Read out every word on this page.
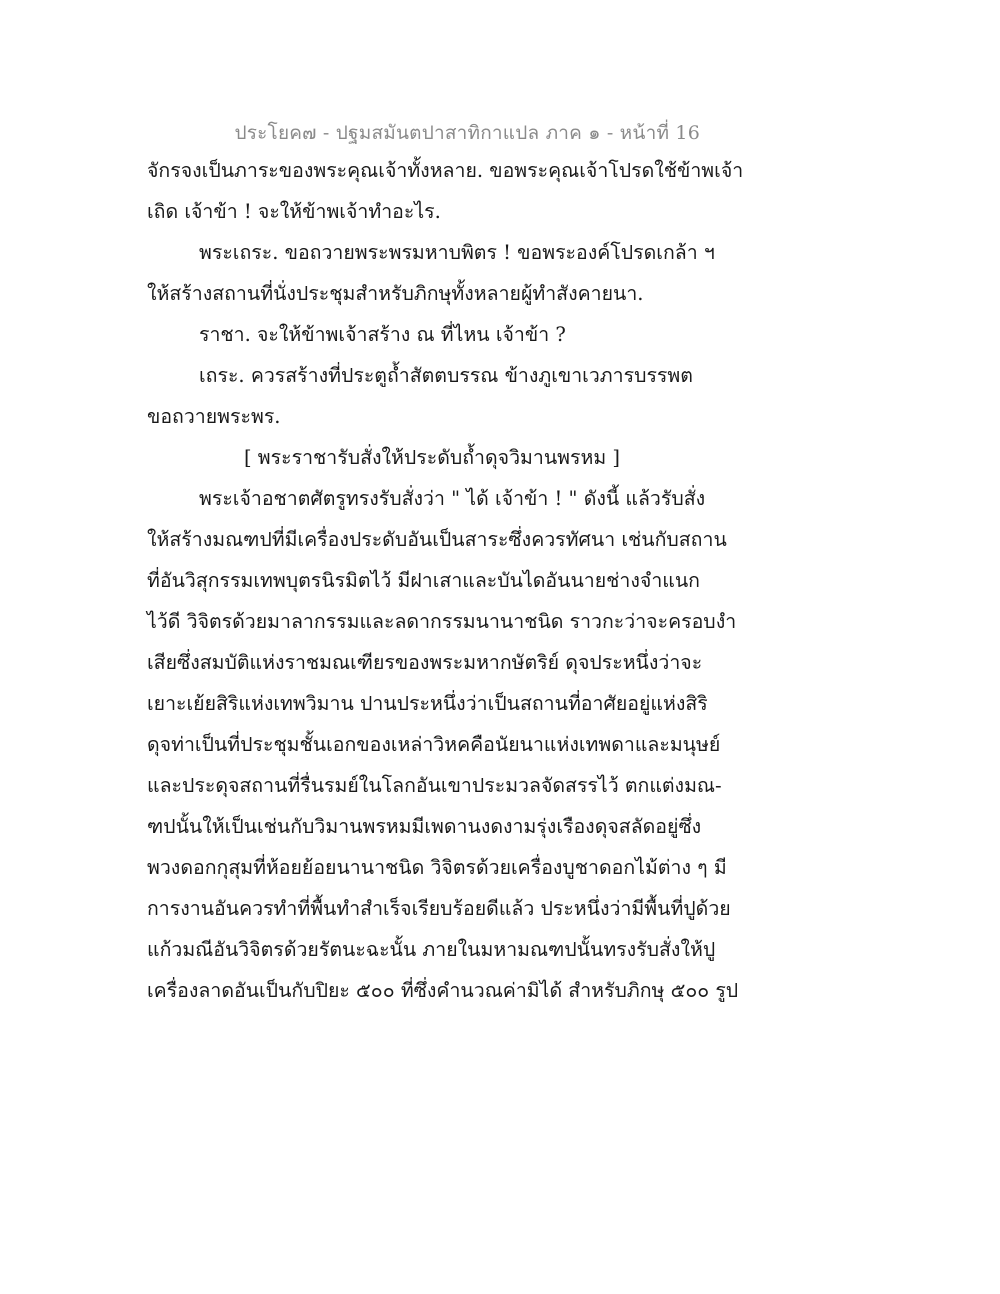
ประโยค๗ - ปฐมสมันตปาสาทิกาแปล ภาค ๑ - หน้าที่ 16
จักรจงเป็นภาระของพระคุณเจ้าทั้งหลาย. ขอพระคุณเจ้าโปรดใช้ข้าพเจ้า
เถิด เจ้าข้า ! จะให้ข้าพเจ้าทำอะไร.
พระเถระ. ขอถวายพระพรมหาบพิตร ! ขอพระองค์โปรดเกล้า ฯ
ให้สร้างสถานที่นั่งประชุมสำหรับภิกษุทั้งหลายผู้ทำสังคายนา.
ราชา. จะให้ข้าพเจ้าสร้าง ณ ที่ไหน เจ้าข้า ?
เถระ. ควรสร้างที่ประตูถ้ำสัตตบรรณ ข้างภูเขาเวภารบรรพต
ขอถวายพระพร.
[ พระราชารับสั่งให้ประดับถ้ำดุจวิมานพรหม ]
พระเจ้าอชาตศัตรูทรงรับสั่งว่า " ได้ เจ้าข้า ! " ดังนี้ แล้วรับสั่ง
ให้สร้างมณฑปที่มีเครื่องประดับอันเป็นสาระซึ่งควรทัศนา เช่นกับสถาน
ที่อันวิสุกรรมเทพบุตรนิรมิตไว้ มีฝาเสาและบันไดอันนายช่างจำแนก
ไว้ดี วิจิตรด้วยมาลากรรมและลดากรรมนานาชนิด ราวกะว่าจะครอบงำ
เสียซึ่งสมบัติแห่งราชมณเฑียรของพระมหากษัตริย์ ดุจประหนึ่งว่าจะ
เยาะเย้ยสิริแห่งเทพวิมาน ปานประหนึ่งว่าเป็นสถานที่อาศัยอยู่แห่งสิริ
ดุจท่าเป็นที่ประชุมชั้นเอกของเหล่าวิหคคือนัยนาแห่งเทพดาและมนุษย์
และประดุจสถานที่รื่นรมย์ในโลกอันเขาประมวลจัดสรรไว้ ตกแต่งมณ-
ฑปนั้นให้เป็นเช่นกับวิมานพรหมมีเพดานงดงามรุ่งเรืองดุจสลัดอยู่ซึ่ง
พวงดอกกุสุมที่ห้อยย้อยนานาชนิด วิจิตรด้วยเครื่องบูชาดอกไม้ต่าง ๆ มี
การงานอันควรทำที่พื้นทำสำเร็จเรียบร้อยดีแล้ว ประหนึ่งว่ามีพื้นที่ปูด้วย
แก้วมณีอันวิจิตรด้วยรัตนะฉะนั้น ภายในมหามณฑปนั้นทรงรับสั่งให้ปู
เครื่องลาดอันเป็นกับปิยะ ๕๐๐ ที่ซึ่งคำนวณค่ามิได้ สำหรับภิกษุ ๕๐๐ รูป
